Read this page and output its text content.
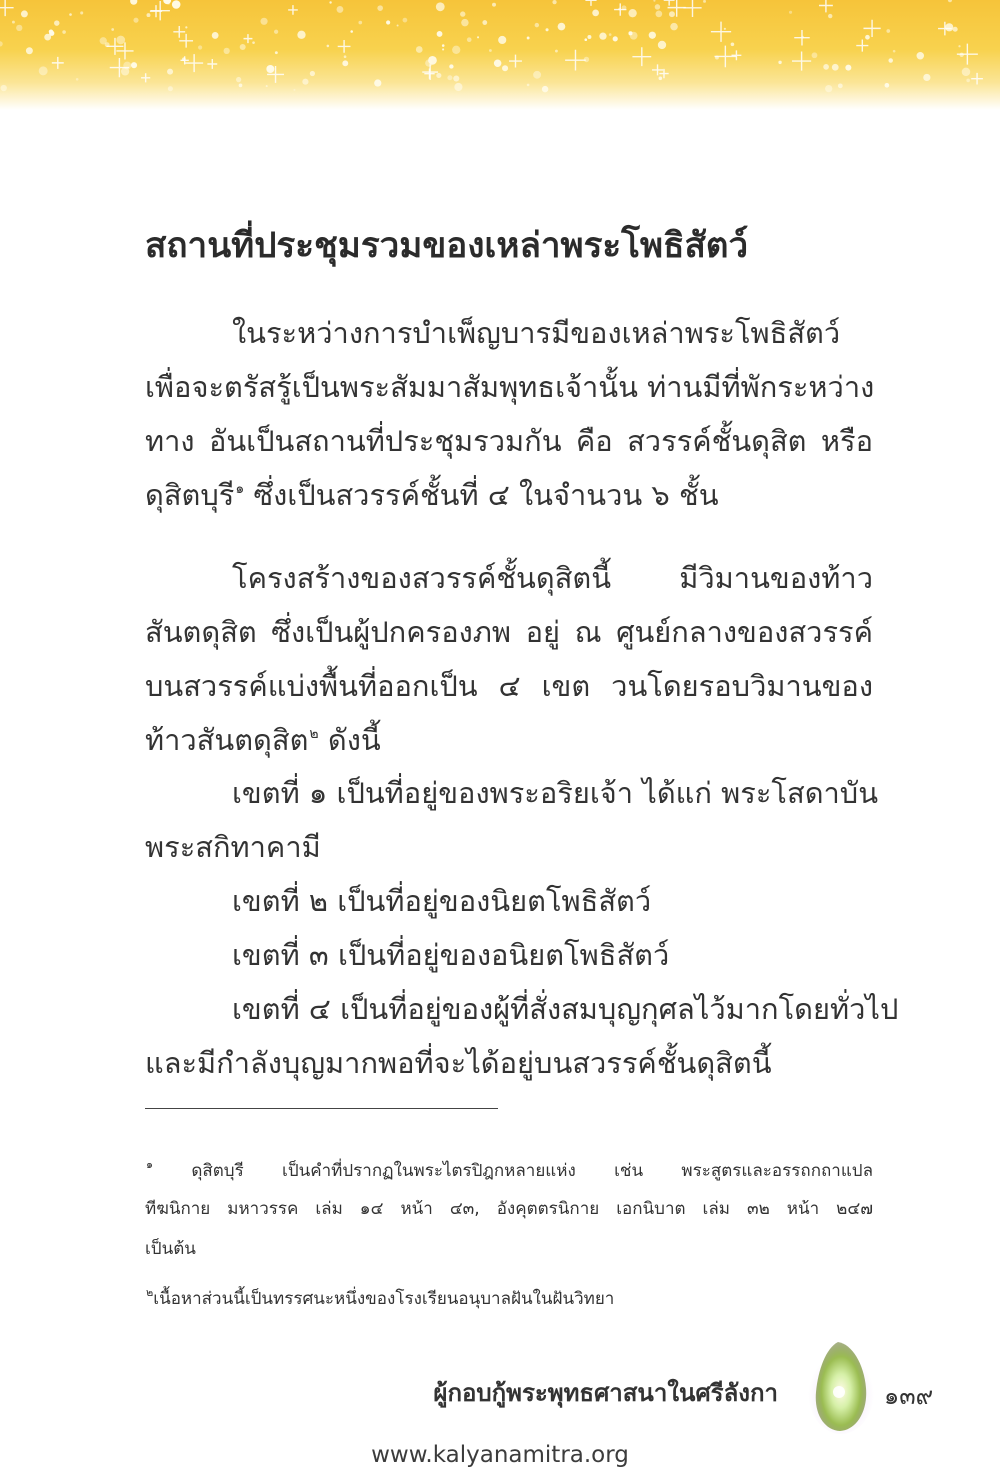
สถานที่ประชุมรวมของเหล่าพระโพธิสัตว์
ในระหว่างการบำเพ็ญบารมีของเหล่าพระโพธิสัตว์
เพื่อจะตรัสรู้เป็นพระสัมมาสัมพุทธเจ้านั้น ท่านมีที่พักระหว่าง
ทาง อันเป็นสถานที่ประชุมรวมกัน คือ สวรรค์ชั้นดุสิต หรือ
ดุสิตบุรี$^๑$ ซึ่งเป็นสวรรค์ชั้นที่ ๔ ในจำนวน ๖ ชั้น
โครงสร้างของสวรรค์ชั้นดุสิตนี้ มีวิมานของท้าว
สันตดุสิต ซึ่งเป็นผู้ปกครองภพ อยู่ ณ ศูนย์กลางของสวรรค์
บนสวรรค์แบ่งพื้นที่ออกเป็น ๔ เขต วนโดยรอบวิมานของ
ท้าวสันตดุสิต$^๒$ ดังนี้
เขตที่ ๑ เป็นที่อยู่ของพระอริยเจ้า ได้แก่ พระโสดาบัน
พระสกิทาคามี
เขตที่ ๒ เป็นที่อยู่ของนิยตโพธิสัตว์
เขตที่ ๓ เป็นที่อยู่ของอนิยตโพธิสัตว์
เขตที่ ๔ เป็นที่อยู่ของผู้ที่สั่งสมบุญกุศลไว้มากโดยทั่วไป
และมีกำลังบุญมากพอที่จะได้อยู่บนสวรรค์ชั้นดุสิตนี้
$^๑$ ดุสิตบุรี เป็นคำที่ปรากฏในพระไตรปิฎกหลายแห่ง เช่น พระสูตรและอรรถกถาแปล
ทีฆนิกาย มหาวรรค เล่ม ๑๔ หน้า ๔๓, อังคุตตรนิกาย เอกนิบาต เล่ม ๓๒ หน้า ๒๔๗
เป็นต้น
$^๒$เนื้อหาส่วนนี้เป็นทรรศนะหนึ่งของโรงเรียนอนุบาลฝันในฝันวิทยา
ผู้กอบกู้พระพุทธศาสนาในศรีลังกา	๑๓๙
www.kalyanamitra.org
